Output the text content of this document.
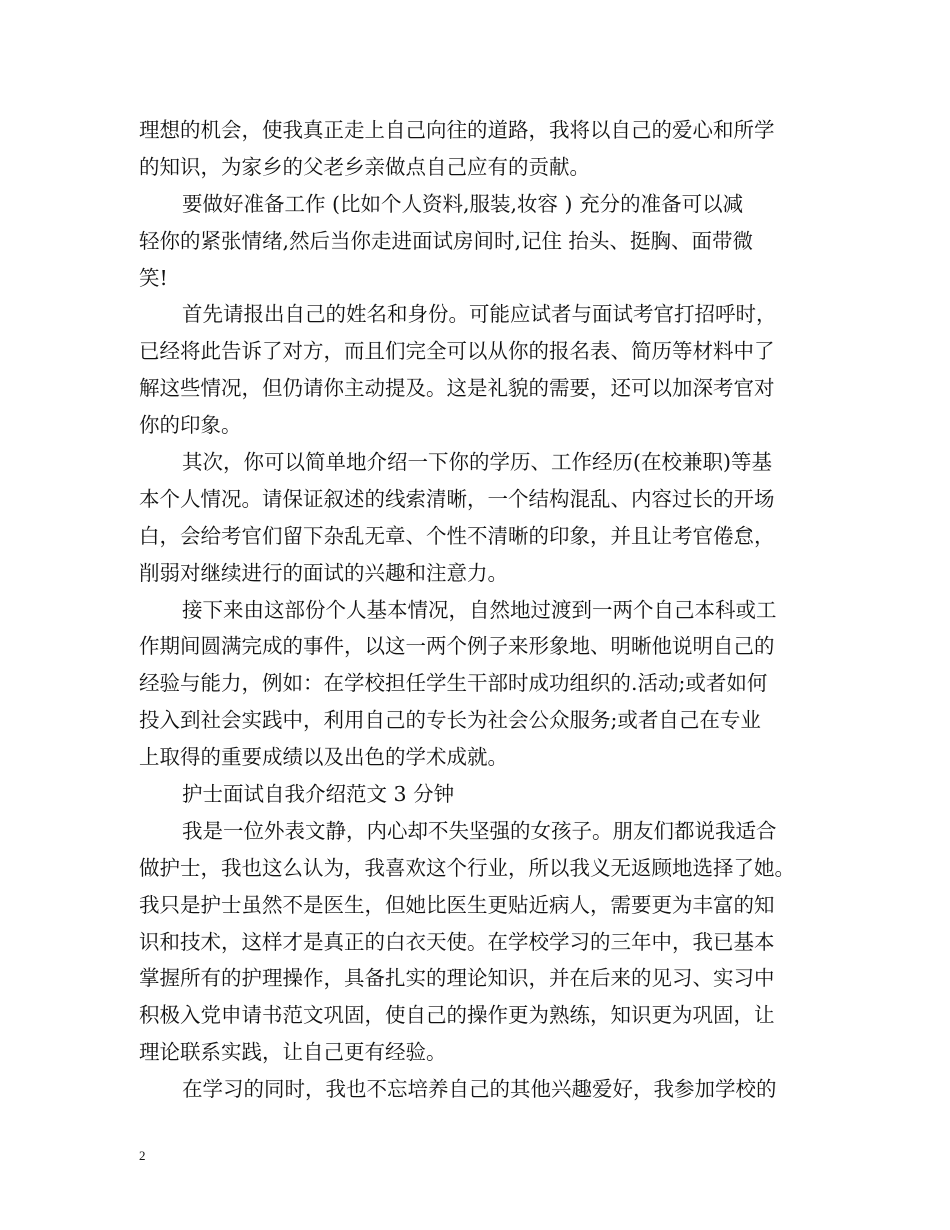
理想的机会，使我真正走上自己向往的道路，我将以自己的爱心和所学
的知识，为家乡的父老乡亲做点自己应有的贡献。
要做好准备工作 (比如个人资料,服装,妆容 ) 充分的准备可以减
轻你的紧张情绪,然后当你走进面试房间时,记住 抬头、挺胸、面带微
笑!
首先请报出自己的姓名和身份。可能应试者与面试考官打招呼时，
已经将此告诉了对方，而且们完全可以从你的报名表、简历等材料中了
解这些情况，但仍请你主动提及。这是礼貌的需要，还可以加深考官对
你的印象。
其次，你可以简单地介绍一下你的学历、工作经历(在校兼职)等基
本个人情况。请保证叙述的线索清晰，一个结构混乱、内容过长的开场
白，会给考官们留下杂乱无章、个性不清晰的印象，并且让考官倦怠，
削弱对继续进行的面试的兴趣和注意力。
接下来由这部份个人基本情况，自然地过渡到一两个自己本科或工
作期间圆满完成的事件，以这一两个例子来形象地、明晰他说明自己的
经验与能力，例如：在学校担任学生干部时成功组织的.活动;或者如何
投入到社会实践中，利用自己的专长为社会公众服务;或者自己在专业
上取得的重要成绩以及出色的学术成就。
护士面试自我介绍范文 3 分钟
我是一位外表文静，内心却不失坚强的女孩子。朋友们都说我适合
做护士，我也这么认为，我喜欢这个行业，所以我义无返顾地选择了她。
我只是护士虽然不是医生，但她比医生更贴近病人，需要更为丰富的知
识和技术，这样才是真正的白衣天使。在学校学习的三年中，我已基本
掌握所有的护理操作，具备扎实的理论知识，并在后来的见习、实习中
积极入党申请书范文巩固，使自己的操作更为熟练，知识更为巩固，让
理论联系实践，让自己更有经验。
在学习的同时，我也不忘培养自己的其他兴趣爱好，我参加学校的
2
